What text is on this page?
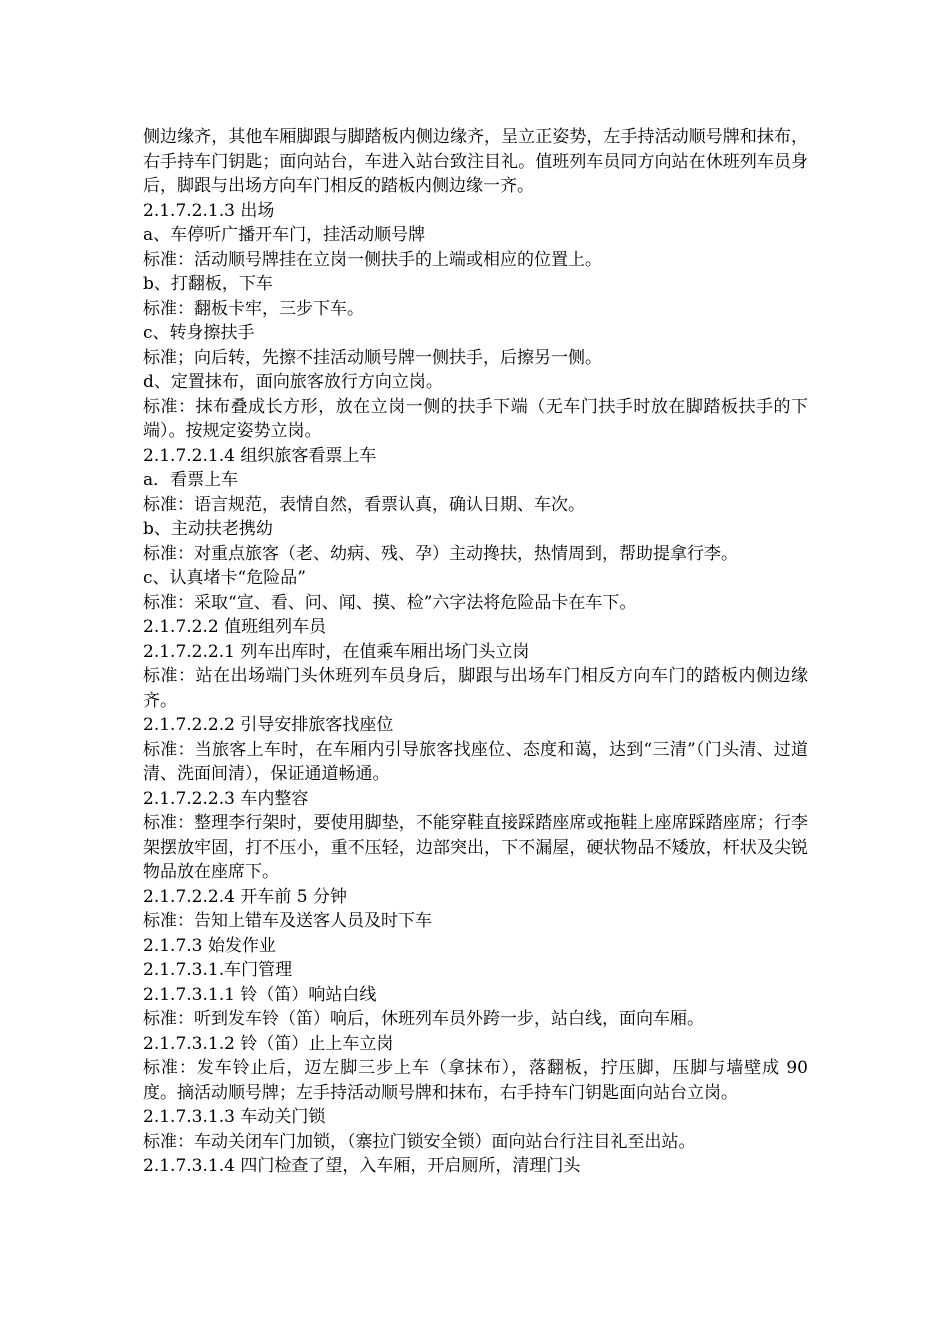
侧边缘齐，其他车厢脚跟与脚踏板内侧边缘齐，呈立正姿势，左手持活动顺号牌和抹布，右手持车门钥匙；面向站台，车进入站台致注目礼。值班列车员同方向站在休班列车员身后，脚跟与出场方向车门相反的踏板内侧边缘一齐。

2.1.7.2.1.3 出场

a、车停听广播开车门，挂活动顺号牌

标准：活动顺号牌挂在立岗一侧扶手的上端或相应的位置上。

b、打翻板，下车

标准：翻板卡牢，三步下车。

c、转身擦扶手

标准；向后转，先擦不挂活动顺号牌一侧扶手，后擦另一侧。

d、定置抹布，面向旅客放行方向立岗。

标准：抹布叠成长方形，放在立岗一侧的扶手下端（无车门扶手时放在脚踏板扶手的下端）。按规定姿势立岗。

2.1.7.2.1.4 组织旅客看票上车

a．看票上车

标准：语言规范，表情自然，看票认真，确认日期、车次。

b、主动扶老携幼

标准：对重点旅客（老、幼病、残、孕）主动搀扶，热情周到，帮助提拿行李。

c、认真堵卡“危险品”

标准：采取“宣、看、问、闻、摸、检”六字法将危险品卡在车下。

2.1.7.2.2 值班组列车员

2.1.7.2.2.1 列车出库时，在值乘车厢出场门头立岗

标准：站在出场端门头休班列车员身后，脚跟与出场车门相反方向车门的踏板内侧边缘齐。

2.1.7.2.2.2 引导安排旅客找座位

标准：当旅客上车时，在车厢内引导旅客找座位、态度和蔼，达到“三清”（门头清、过道清、洗面间清），保证通道畅通。

2.1.7.2.2.3 车内整容

标准：整理李行架时，要使用脚垫，不能穿鞋直接踩踏座席或拖鞋上座席踩踏座席；行李架摆放牢固，打不压小，重不压轻，边部突出，下不漏屋，硬状物品不矮放，杆状及尖锐物品放在座席下。

2.1.7.2.2.4 开车前 5 分钟

标准：告知上错车及送客人员及时下车

2.1.7.3 始发作业

2.1.7.3.1.车门管理

2.1.7.3.1.1 铃（笛）响站白线

标准：听到发车铃（笛）响后，休班列车员外跨一步，站白线，面向车厢。

2.1.7.3.1.2 铃（笛）止上车立岗

标准：发车铃止后，迈左脚三步上车（拿抹布），落翻板，拧压脚，压脚与墙壁成 90 度。摘活动顺号牌；左手持活动顺号牌和抹布，右手持车门钥匙面向站台立岗。

2.1.7.3.1.3 车动关门锁

标准：车动关闭车门加锁，（寨拉门锁安全锁）面向站台行注目礼至出站。

2.1.7.3.1.4 四门检查了望，入车厢，开启厕所，清理门头
